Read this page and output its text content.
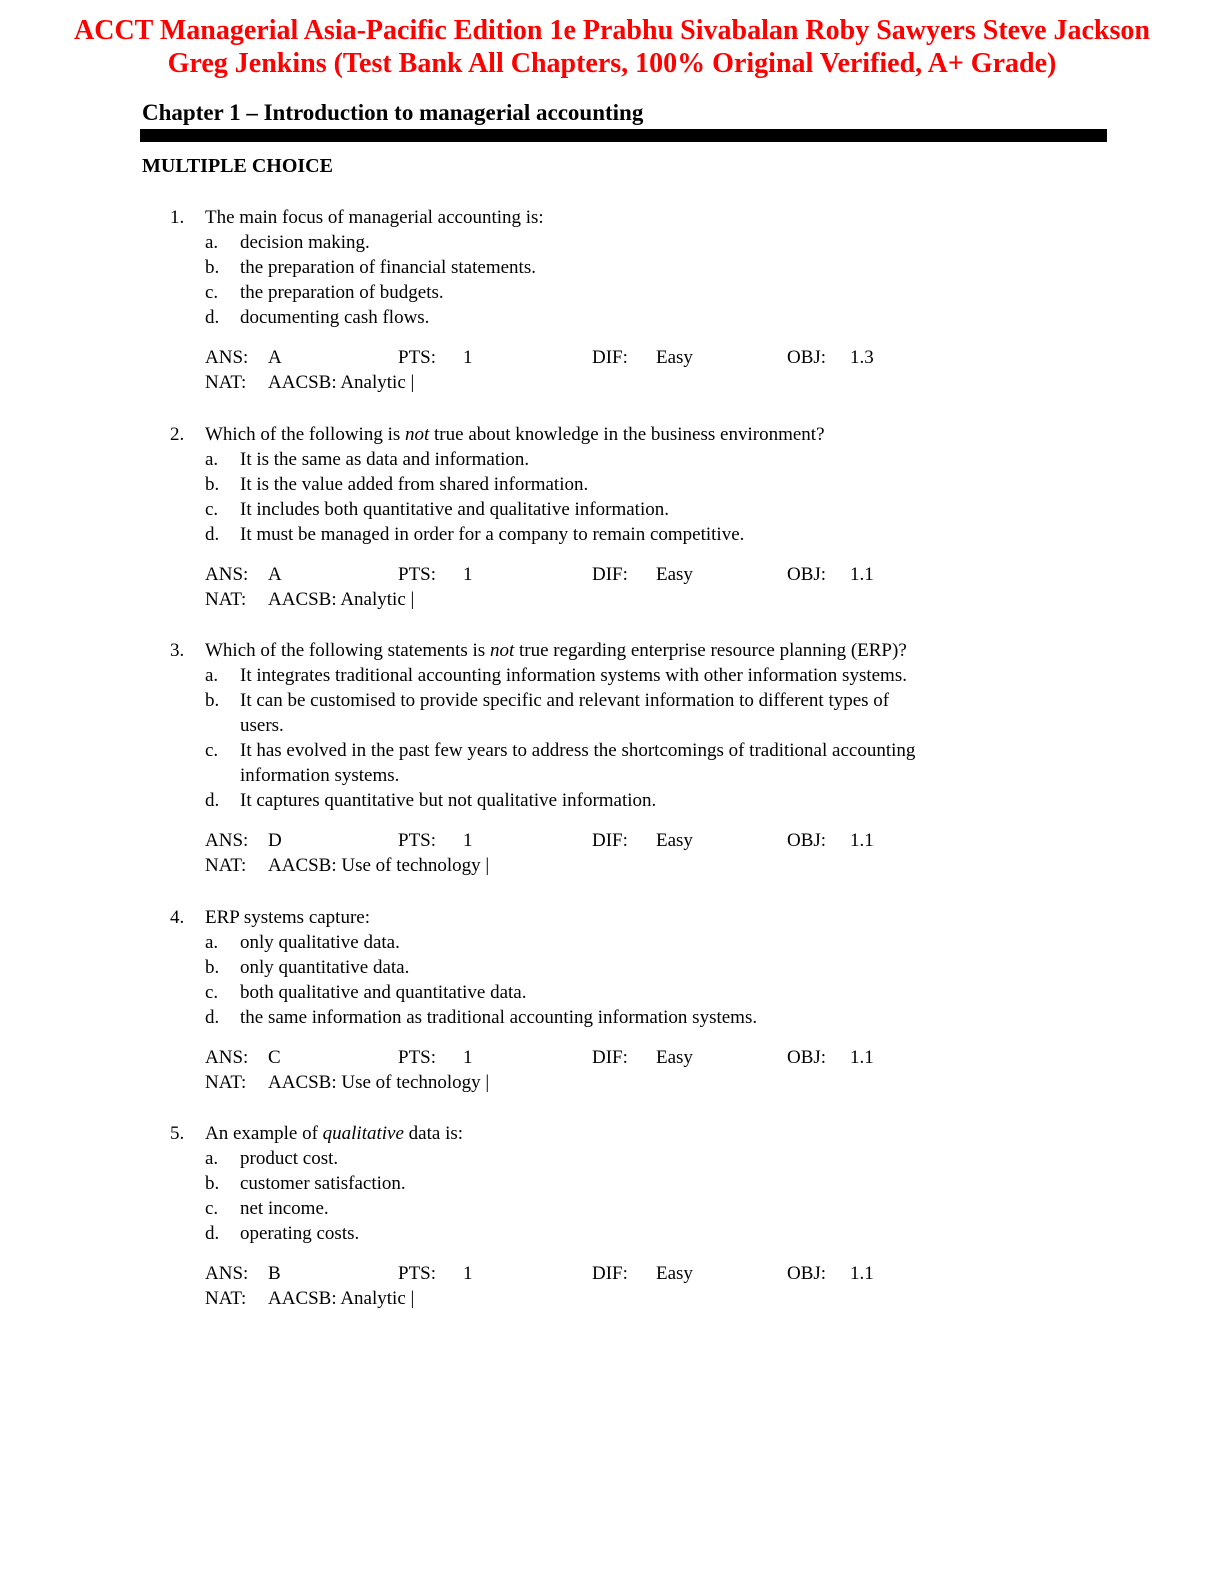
ACCT Managerial Asia-Pacific Edition 1e Prabhu Sivabalan Roby Sawyers Steve Jackson
Greg Jenkins (Test Bank All Chapters, 100% Original Verified, A+ Grade)
Chapter 1 – Introduction to managerial accounting
MULTIPLE CHOICE
1. The main focus of managerial accounting is:
a. decision making.
b. the preparation of financial statements.
c. the preparation of budgets.
d. documenting cash flows.
ANS: A	PTS: 1	DIF: Easy	OBJ: 1.3
NAT: AACSB: Analytic |
2. Which of the following is not true about knowledge in the business environment?
a. It is the same as data and information.
b. It is the value added from shared information.
c. It includes both quantitative and qualitative information.
d. It must be managed in order for a company to remain competitive.
ANS: A	PTS: 1	DIF: Easy	OBJ: 1.1
NAT: AACSB: Analytic |
3. Which of the following statements is not true regarding enterprise resource planning (ERP)?
a. It integrates traditional accounting information systems with other information systems.
b. It can be customised to provide specific and relevant information to different types of
users.
c. It has evolved in the past few years to address the shortcomings of traditional accounting
information systems.
d. It captures quantitative but not qualitative information.
ANS: D	PTS: 1	DIF: Easy	OBJ: 1.1
NAT: AACSB: Use of technology |
4. ERP systems capture:
a. only qualitative data.
b. only quantitative data.
c. both qualitative and quantitative data.
d. the same information as traditional accounting information systems.
ANS: C	PTS: 1	DIF: Easy	OBJ: 1.1
NAT: AACSB: Use of technology |
5. An example of qualitative data is:
a. product cost.
b. customer satisfaction.
c. net income.
d. operating costs.
ANS: B	PTS: 1	DIF: Easy	OBJ: 1.1
NAT: AACSB: Analytic |
